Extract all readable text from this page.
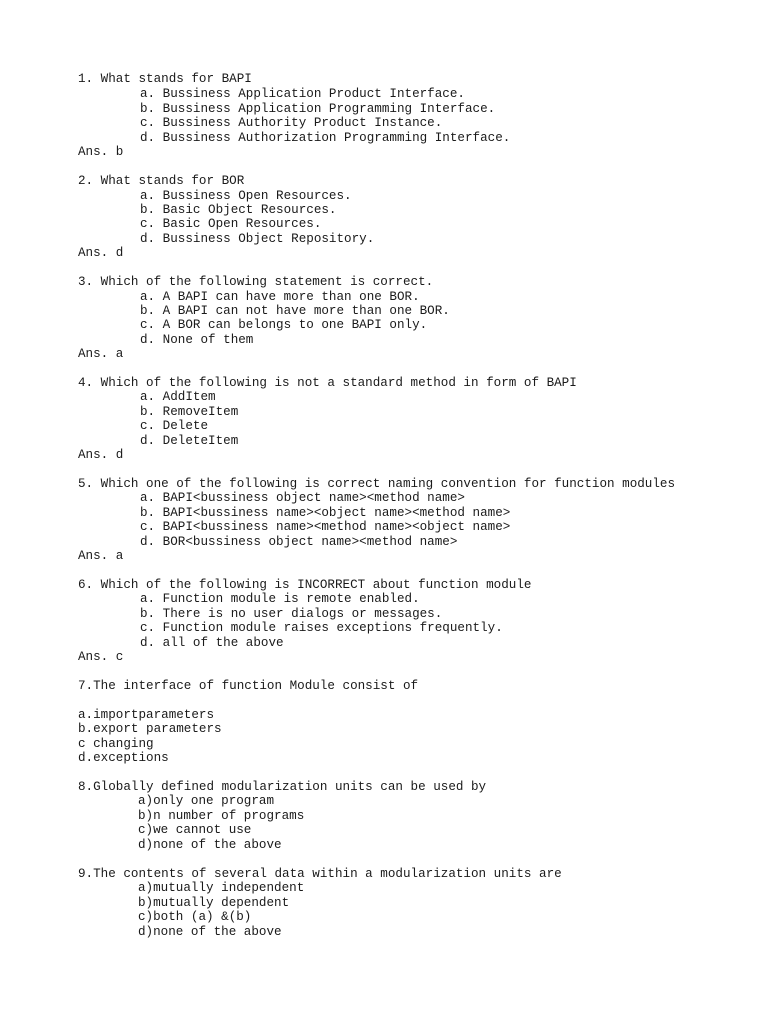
1. What stands for BAPI
a. Bussiness Application Product Interface.
b. Bussiness Application Programming Interface.
c. Bussiness Authority Product Instance.
d. Bussiness Authorization Programming Interface.
Ans. b
2. What stands for BOR
a. Bussiness Open Resources.
b. Basic Object Resources.
c. Basic Open Resources.
d. Bussiness Object Repository.
Ans. d
3. Which of the following statement is correct.
a. A BAPI can have more than one BOR.
b. A BAPI can not have more than one BOR.
c. A BOR can belongs to one BAPI only.
d. None of them
Ans. a
4. Which of the following is not a standard method in form of BAPI
a. AddItem
b. RemoveItem
c. Delete
d. DeleteItem
Ans. d
5. Which one of the following is correct naming convention for function modules
a. BAPI<bussiness object name><method name>
b. BAPI<bussiness name><object name><method name>
c. BAPI<bussiness name><method name><object name>
d. BOR<bussiness object name><method name>
Ans. a
6. Which of the following is INCORRECT about function module
a. Function module is remote enabled.
b. There is no user dialogs or messages.
c. Function module raises exceptions frequently.
d. all of the above
Ans. c
7.The interface of function Module consist of
a.importparameters
b.export parameters
c changing
d.exceptions
8.Globally defined modularization units can be used by
a)only one program
b)n number of programs
c)we cannot use
d)none of the above
9.The contents of several data within a modularization units are
a)mutually independent
b)mutually dependent
c)both (a) &(b)
d)none of the above
